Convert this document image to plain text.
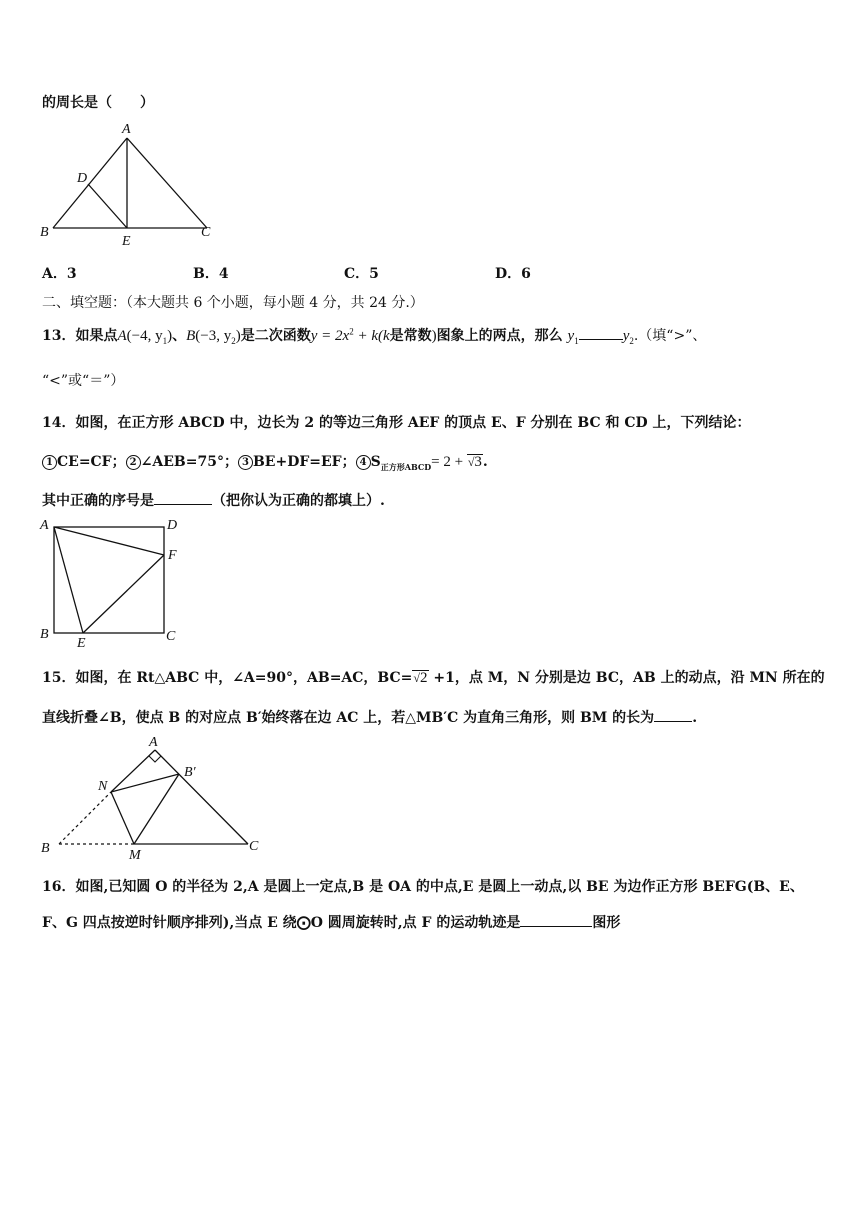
的周长是（　　）
A
D
B
E
C
A．3	B．4	C．5	D．6
二、填空题：（本大题共 6 个小题，每小题 4 分，共 24 分.）
13．如果点A(−4, $y_1$)、B(−3, $y_2$)是二次函数$y = 2x^2 + k(k$是常数)图象上的两点，那么 $y_1$	$y_2$.（填“>”、
“<”或“＝”）
14．如图，在正方形 ABCD 中，边长为 2 的等边三角形 AEF 的顶点 E、F 分别在 BC 和 CD 上，下列结论：
1 CE=CF； 2 ∠AEB=75°； 3 BE+DF=EF； 4 $S_{正方形ABCD}= 2 + √3$.
其中正确的序号是	（把你认为正确的都填上）.
A	D
F
B
E	C
15．如图，在 Rt△ABC 中，∠A=90°，AB=AC，BC=√2 +1，点 M，N 分别是边 BC，AB 上的动点，沿 MN 所在的
直线折叠∠B，使点 B 的对应点 B′始终落在边 AC 上，若△MB′C 为直角三角形，则 BM 的长为	.
A
B′
N
B	M
C
16．如图,已知圆 O 的半径为 2,A 是圆上一定点,B 是 OA 的中点,E 是圆上一动点,以 BE 为边作正方形 BEFG(B、E、
F、G 四点按逆时针顺序排列),当点 E 绕⨀O 圆周旋转时,点 F 的运动轨迹是	图形
